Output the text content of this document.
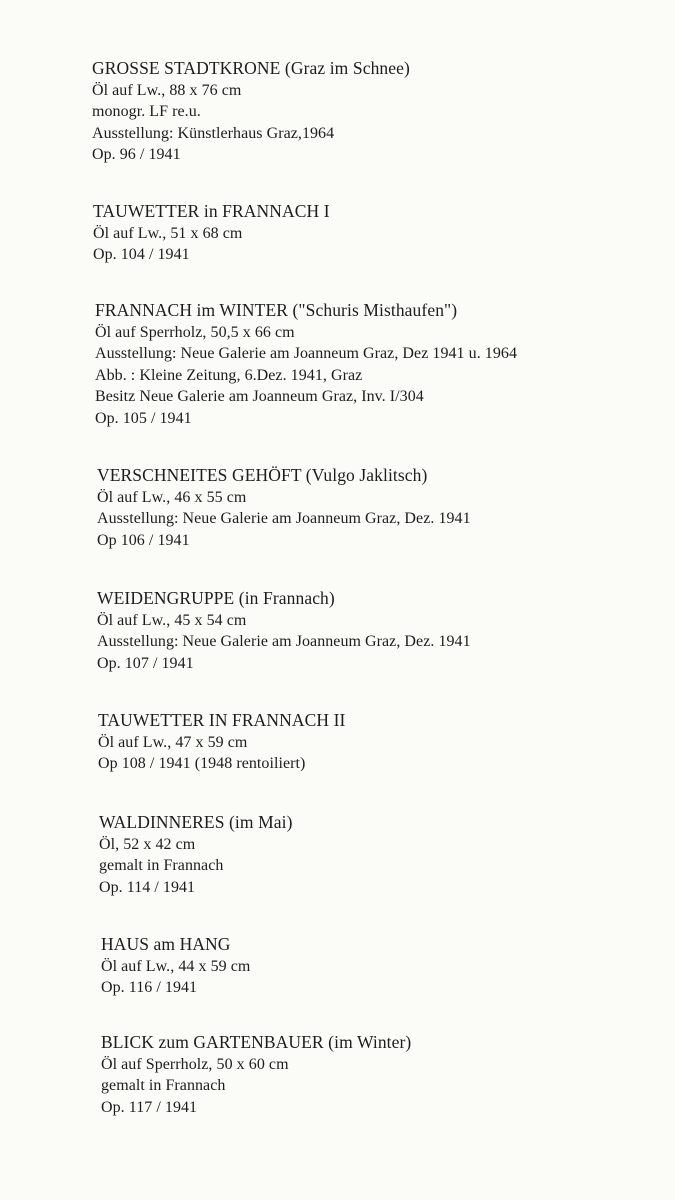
GROSSE STADTKRONE (Graz im Schnee)
Öl auf Lw., 88 x 76 cm
monogr. LF re.u.
Ausstellung: Künstlerhaus Graz,1964
Op. 96 / 1941
TAUWETTER in FRANNACH I
Öl auf Lw., 51 x 68 cm
Op. 104 / 1941
FRANNACH im WINTER ("Schuris Misthaufen")
Öl auf Sperrholz, 50,5 x 66 cm
Ausstellung: Neue Galerie am Joanneum Graz, Dez 1941 u. 1964
Abb. : Kleine Zeitung, 6.Dez. 1941, Graz
Besitz Neue Galerie am Joanneum Graz, Inv. I/304
Op. 105 / 1941
VERSCHNEITES GEHÖFT (Vulgo Jaklitsch)
Öl auf Lw., 46 x 55 cm
Ausstellung: Neue Galerie am Joanneum Graz, Dez. 1941
Op 106 / 1941
WEIDENGRUPPE (in Frannach)
Öl auf Lw., 45 x 54 cm
Ausstellung: Neue Galerie am Joanneum Graz, Dez. 1941
Op. 107 / 1941
TAUWETTER IN FRANNACH II
Öl auf Lw., 47 x 59 cm
Op 108 / 1941 (1948 rentoiliert)
WALDINNERES (im Mai)
Öl, 52 x 42 cm
gemalt in Frannach
Op. 114 / 1941
HAUS am HANG
Öl auf Lw., 44 x 59 cm
Op. 116 / 1941
BLICK zum GARTENBAUER (im Winter)
Öl auf Sperrholz, 50 x 60 cm
gemalt in Frannach
Op. 117 / 1941
